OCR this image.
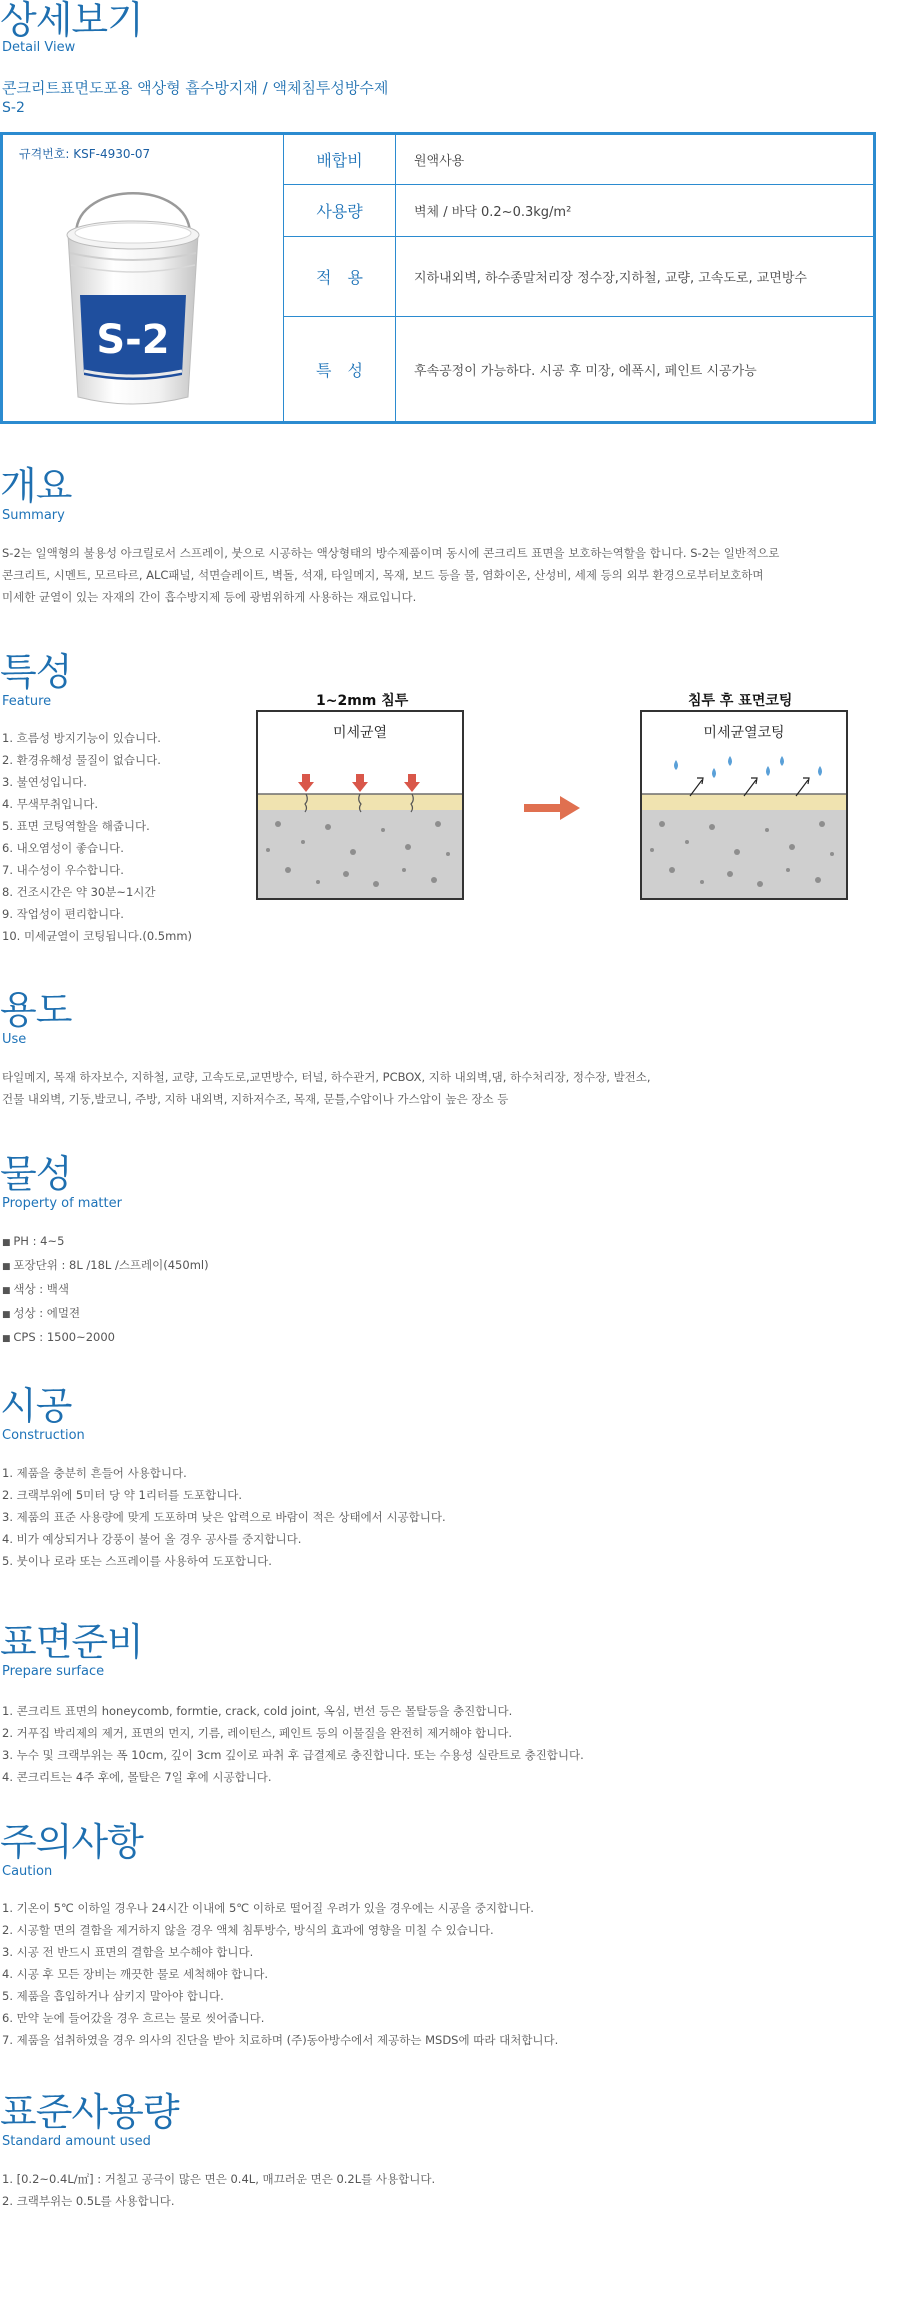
상세보기
Detail View
콘크리트표면도포용 액상형 흡수방지재 / 액체침투성방수제
S-2
규격번호: KSF-4930-07
S-2
배합비	원액사용
사용량	벽체 / 바닥 0.2~0.3kg/m²
적　용	지하내외벽, 하수종말처리장 정수장,지하철, 교량, 고속도로, 교면방수
특　성	후속공정이 가능하다. 시공 후 미장, 에폭시, 페인트 시공가능
개요
Summary
S-2는 일액형의 불용성 아크릴로서 스프레이, 붓으로 시공하는 액상형태의 방수제품이며 동시에 콘크리트 표면을 보호하는역할을 합니다. S-2는 일반적으로
콘크리트, 시멘트, 모르타르, ALC패널, 석면슬레이트, 벽돌, 석재, 타일메지, 목재, 보드 등을 물, 염화이온, 산성비, 세제 등의 외부 환경으로부터보호하며
미세한 균열이 있는 자재의 간이 흡수방지제 등에 광범위하게 사용하는 재료입니다.
특성
Feature
1. 흐름성 방지기능이 있습니다.
2. 환경유해성 물질이 없습니다.
3. 불연성입니다.
4. 무색무취입니다.
5. 표면 코팅역할을 해줍니다.
6. 내오염성이 좋습니다.
7. 내수성이 우수합니다.
8. 건조시간은 약 30분~1시간
9. 작업성이 편리합니다.
10. 미세균열이 코팅됩니다.(0.5mm)
1~2mm 침투
미세균열
침투 후 표면코팅
미세균열코팅
용도
Use
타일메지, 목재 하자보수, 지하철, 교량, 고속도로,교면방수, 터널, 하수관거, PCBOX, 지하 내외벽,댐, 하수처리장, 정수장, 발전소,
건물 내외벽, 기둥,발코니, 주방, 지하 내외벽, 지하저수조, 목재, 문틀,수압이나 가스압이 높은 장소 등
물성
Property of matter
■ PH : 4~5
■ 포장단위 : 8L /18L /스프레이(450ml)
■ 색상 : 백색
■ 성상 : 에멀젼
■ CPS : 1500~2000
시공
Construction
1. 제품을 충분히 흔들어 사용합니다.
2. 크랙부위에 5미터 당 약 1리터를 도포합니다.
3. 제품의 표준 사용량에 맞게 도포하며 낮은 압력으로 바람이 적은 상태에서 시공합니다.
4. 비가 예상되거나 강풍이 불어 올 경우 공사를 중지합니다.
5. 붓이나 로라 또는 스프레이를 사용하여 도포합니다.
표면준비
Prepare surface
1. 콘크리트 표면의 honeycomb, formtie, crack, cold joint, 옥심, 번선 등은 몰탈등을 충진합니다.
2. 거푸집 박리제의 제거, 표면의 먼지, 기름, 레이턴스, 페인트 등의 이물질을 완전히 제거해야 합니다.
3. 누수 및 크랙부위는 폭 10cm, 깊이 3cm 깊이로 파취 후 급결제로 충진합니다. 또는 수용성 실란트로 충진합니다.
4. 콘크리트는 4주 후에, 몰탈은 7일 후에 시공합니다.
주의사항
Caution
1. 기온이 5℃ 이하일 경우나 24시간 이내에 5℃ 이하로 떨어질 우려가 있을 경우에는 시공을 중지합니다.
2. 시공할 면의 결함을 제거하지 않을 경우 액체 침투방수, 방식의 효과에 영향을 미칠 수 있습니다.
3. 시공 전 반드시 표면의 결함을 보수해야 합니다.
4. 시공 후 모든 장비는 깨끗한 물로 세척해야 합니다.
5. 제품을 흡입하거나 삼키지 말아야 합니다.
6. 만약 눈에 들어갔을 경우 흐르는 물로 씻어줍니다.
7. 제품을 섭취하였을 경우 의사의 진단을 받아 치료하며 (주)동아방수에서 제공하는 MSDS에 따라 대처합니다.
표준사용량
Standard amount used
1. [0.2~0.4L/㎡] : 거칠고 공극이 많은 면은 0.4L, 매끄러운 면은 0.2L를 사용합니다.
2. 크랙부위는 0.5L를 사용합니다.
